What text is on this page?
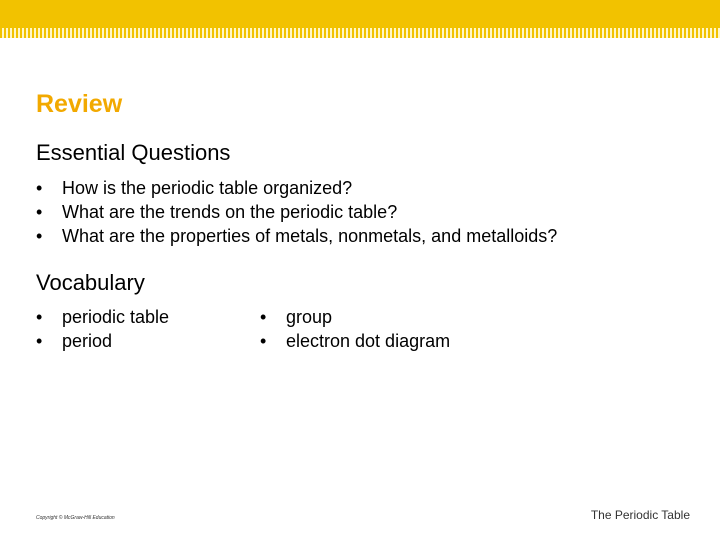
Review
Essential Questions
• How is the periodic table organized?
• What are the trends on the periodic table?
• What are the properties of metals, nonmetals, and metalloids?
Vocabulary
• periodic table
• period
• group
• electron dot diagram
Copyright © McGraw-Hill Education	The Periodic Table
